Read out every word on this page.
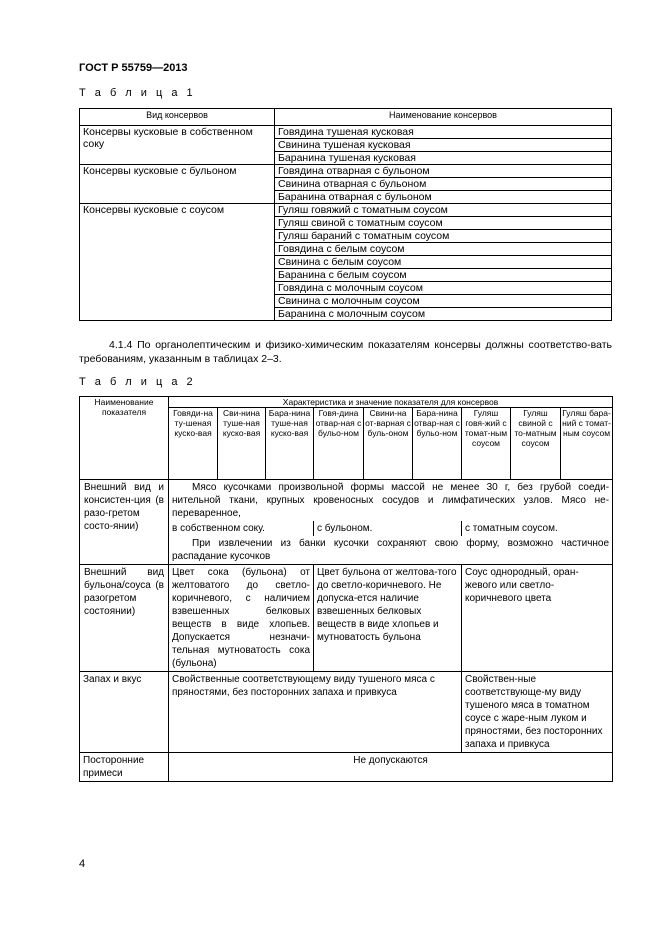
ГОСТ Р 55759—2013
Т а б л и ц а 1
Вид консервов	Наименование консервов
Консервы кусковые в собственном соку	Говядина тушеная кусковая
	Свинина тушеная кусковая
	Баранина тушеная кусковая
Консервы кусковые с бульоном	Говядина отварная с бульоном
	Свинина отварная с бульоном
	Баранина отварная с бульоном
Консервы кусковые с соусом	Гуляш говяжий с томатным соусом
	Гуляш свиной с томатным соусом
	Гуляш бараний с томатным соусом
	Говядина с белым соусом
	Свинина с белым соусом
	Баранина с белым соусом
	Говядина с молочным соусом
	Свинина с молочным соусом
	Баранина с молочным соусом
4.1.4 По органолептическим и физико-химическим показателям консервы должны соответство-вать требованиям, указанным в таблицах 2–3.
Т а б л и ц а 2
Наименование показателя	Характеристика и значение показателя для консервов								
	Говяди-на ту-шеная куско-вая	Сви-нина туше-ная куско-вая	Бара-нина туше-ная куско-вая	Говя-дина отвар-ная с бульо-ном	Свини-на от-варная с буль-оном	Бара-нина отвар-ная с бульо-ном	Гуляш говя-жий с томат-ным соусом	Гуляш свиной с то-матным соусом	Гуляш бара-ний с томат-ным соусом
Внешний вид и консистен-ция (в разо-гретом состо-янии)	Мясо кусочками произвольной формы массой не менее 30 г, без грубой соеди-нительной ткани, крупных кровеносных сосудов и лимфатических узлов. Мясо не-переваренное,								
	в собственном соку.			с бульоном.			с томатным соусом.		
	При извлечении из банки кусочки сохраняют свою форму, возможно частичное распадание кусочков								
Внешний вид бульона/соуса (в разогретом состоянии)	Цвет сока (бульона) от желтоватого до светло-коричневого, с наличием взвешенных белковых веществ в виде хлопьев. Допускается незначи-тельная мутноватость сока (бульона)			Цвет бульона от желтова-того до светло-коричневого. Не допуска-ется наличие взвешенных белковых веществ в виде хлопьев и мутноватость бульона			Соус однородный, оран-жевого или светло-коричневого цвета		
Запах и вкус	Свойственные соответствующему виду тушеного мяса с пряностями, без посторонних запаха и привкуса						Свойствен-ные соответствующе-му виду тушеного мяса в томатном соусе с жаре-ным луком и пряностями, без посторонних запаха и привкуса		
Посторонние примеси	Не допускаются								
4
